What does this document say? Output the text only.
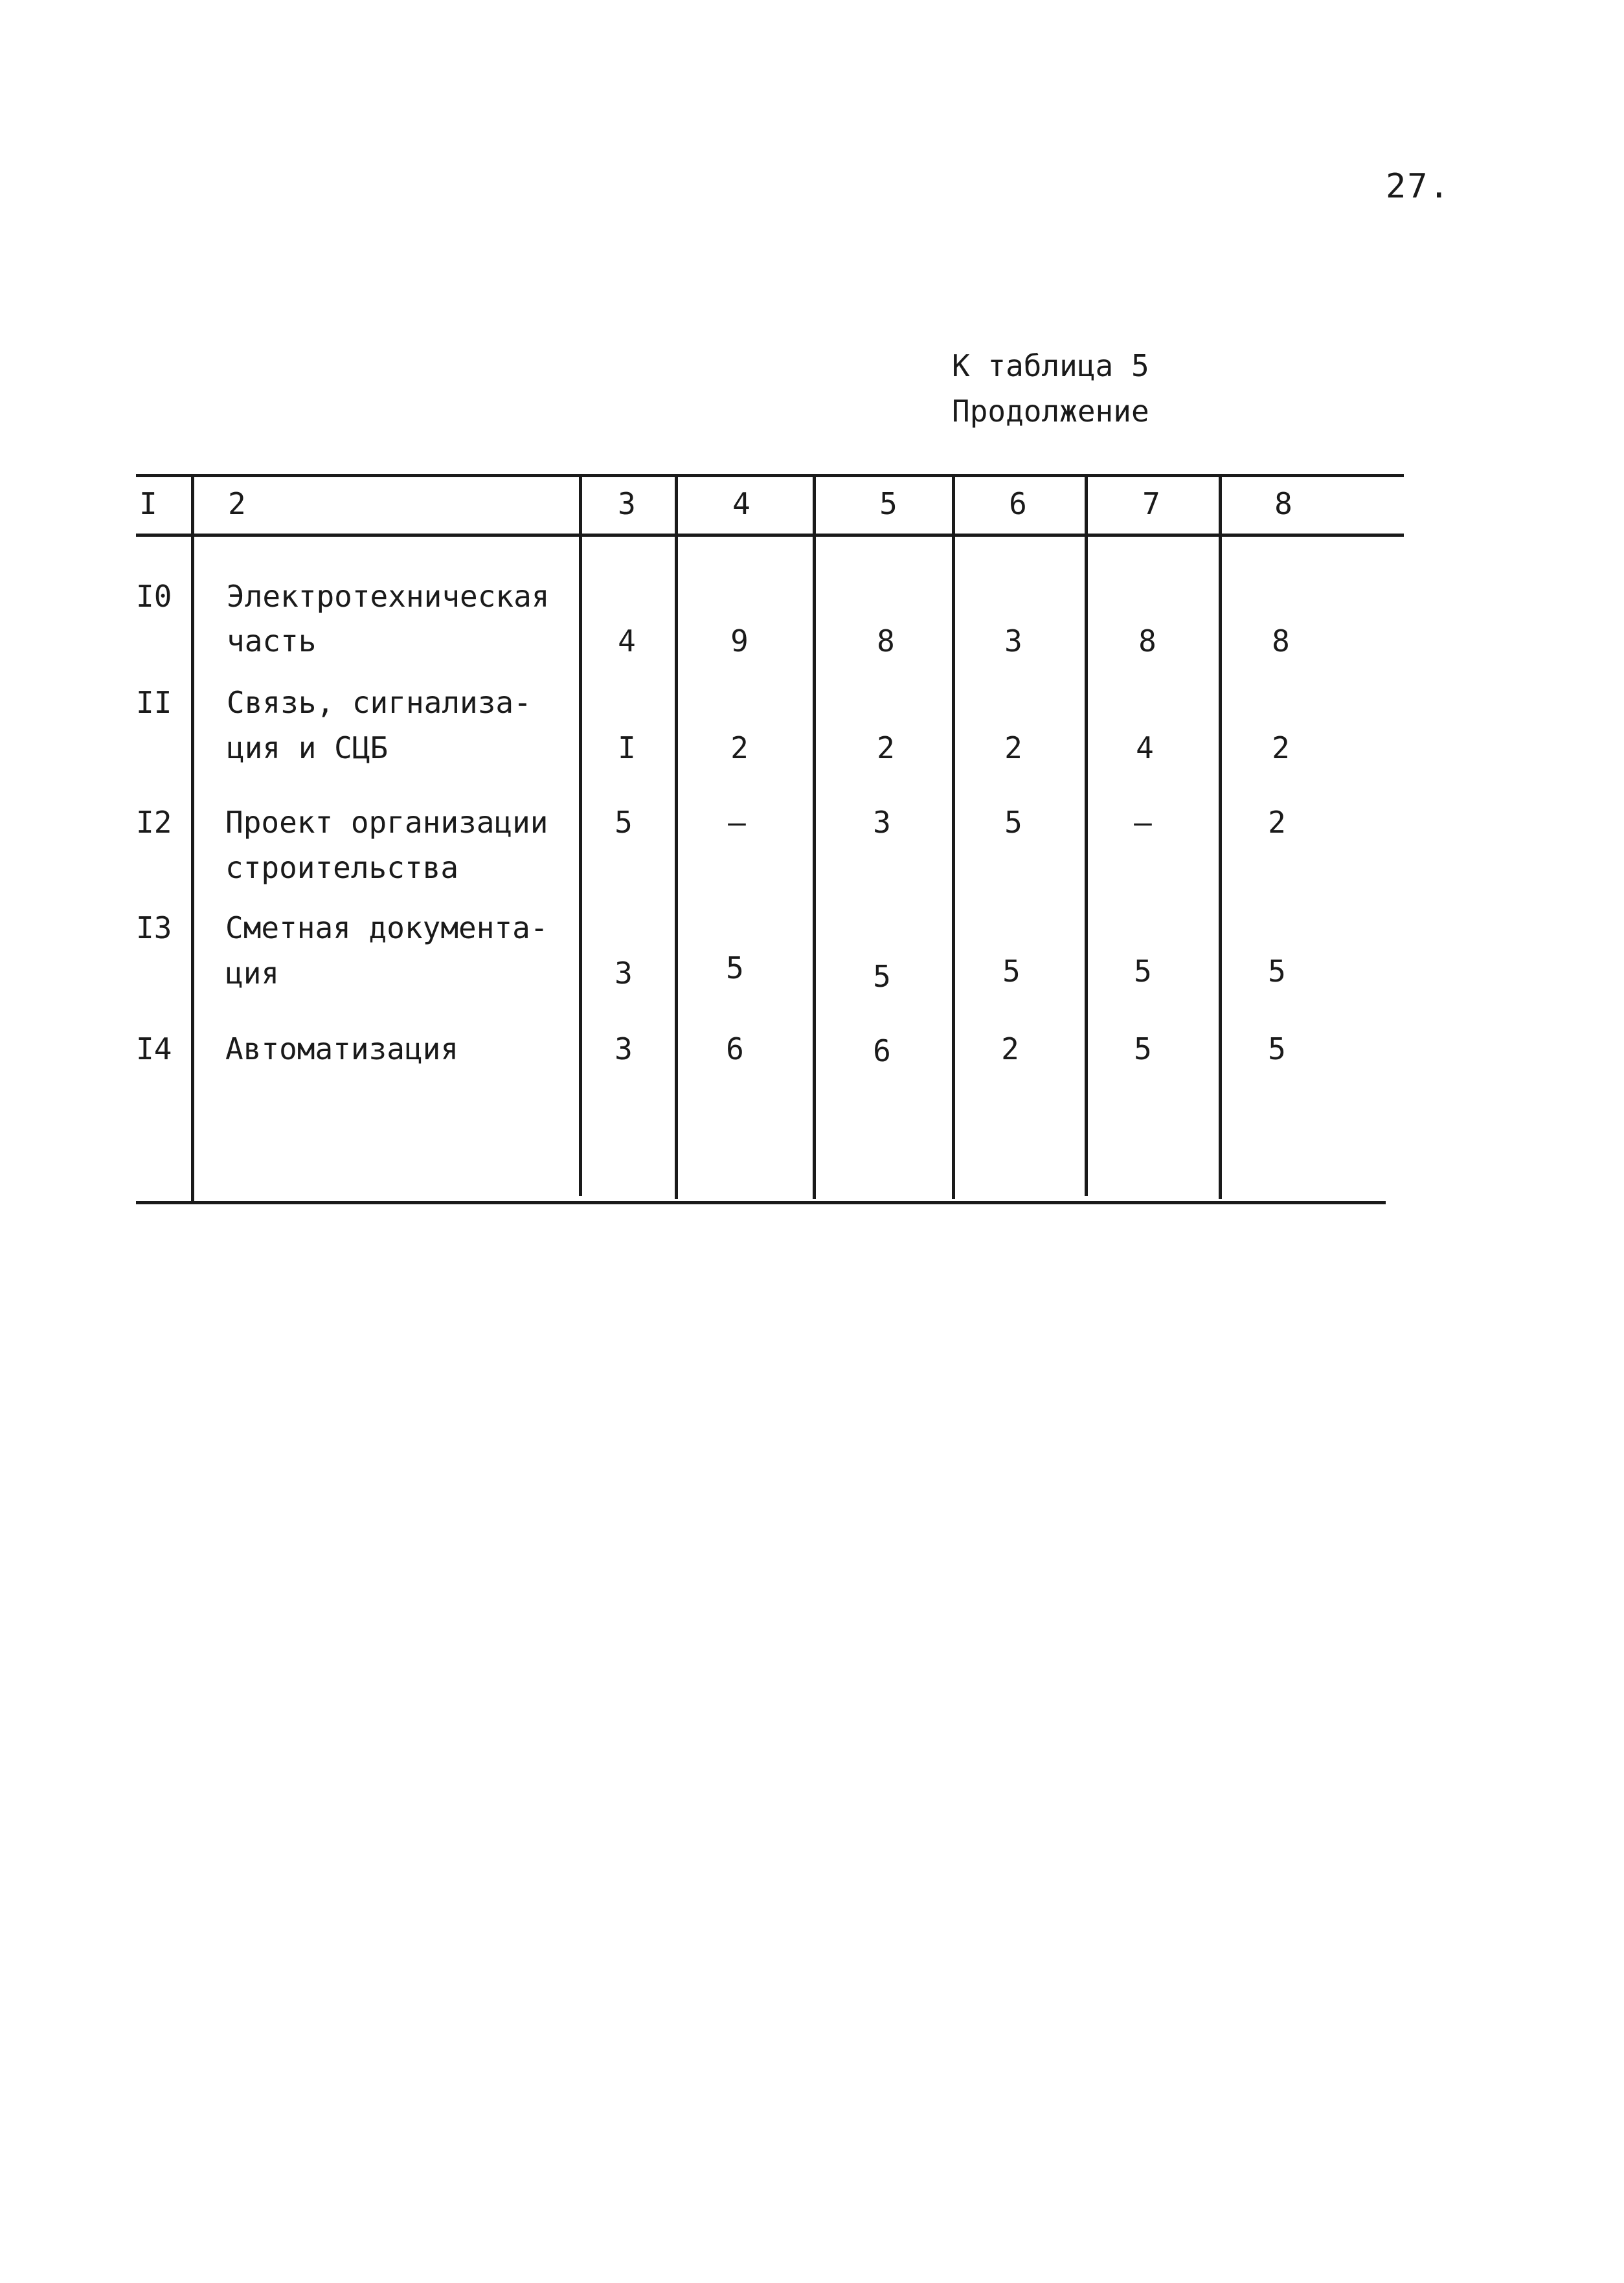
27.
К таблица 5
Продолжение
I 2	3	4	5	6	7	8
I0 Электротехническая
часть	4	9	8	3	8	8
II Связь, сигнализа-
ция и СЦБ	I	2	2	2	4	2
I2 Проект организации
строительства
5	–	3	5	–	2
I3 Сметная документа-
ция	3	5	5	5	5	5
I4 Автоматизация	3	6	6	2	5	5
